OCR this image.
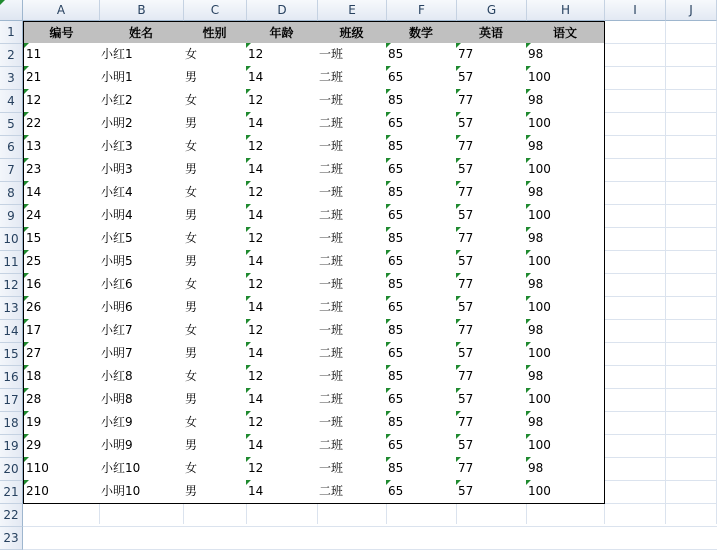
A	B	C	D	E	F	G	H	I	J
1
2
3
4
5
6
7
8
9
10
11
12
13
14
15
16
17
18
19
20
21
22
23
编号	姓名	性别	年龄	班级	数学	英语	语文
11	小红1	女	12	一班	85	77	98
21	小明1	男	14	二班	65	57	100
12	小红2	女	12	一班	85	77	98
22	小明2	男	14	二班	65	57	100
13	小红3	女	12	一班	85	77	98
23	小明3	男	14	二班	65	57	100
14	小红4	女	12	一班	85	77	98
24	小明4	男	14	二班	65	57	100
15	小红5	女	12	一班	85	77	98
25	小明5	男	14	二班	65	57	100
16	小红6	女	12	一班	85	77	98
26	小明6	男	14	二班	65	57	100
17	小红7	女	12	一班	85	77	98
27	小明7	男	14	二班	65	57	100
18	小红8	女	12	一班	85	77	98
28	小明8	男	14	二班	65	57	100
19	小红9	女	12	一班	85	77	98
29	小明9	男	14	二班	65	57	100
110	小红10	女	12	一班	85	77	98
210	小明10	男	14	二班	65	57	100
